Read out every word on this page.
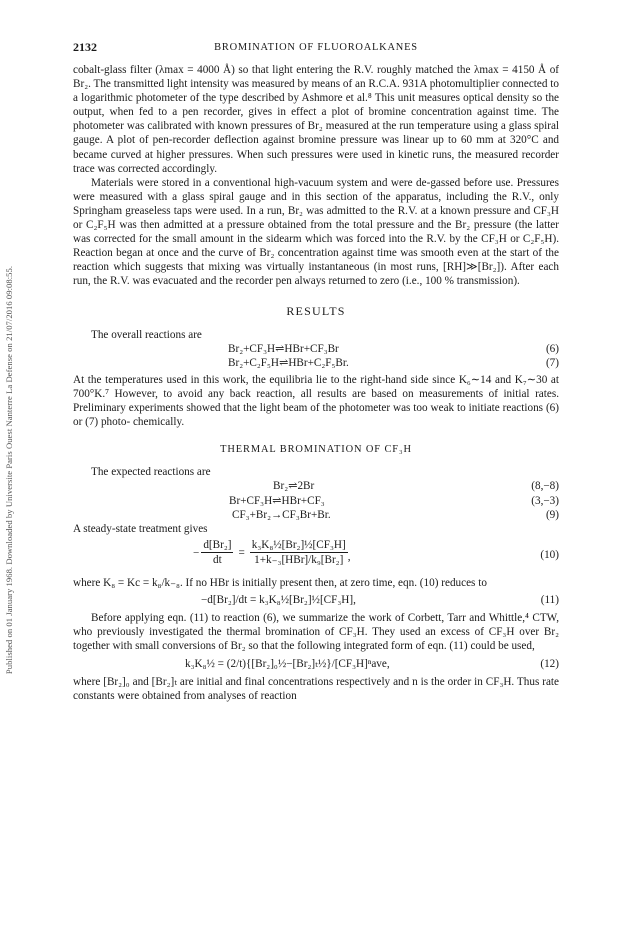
Published on 01 January 1968. Downloaded by Universite Paris Ouest Nanterre La Defense on 21/07/2016 09:08:55.
2132	BROMINATION OF FLUOROALKANES

cobalt-glass filter (λmax = 4000 Å) so that light entering the R.V. roughly matched the λmax = 4150 Å of Br₂. The transmitted light intensity was measured by means of an R.C.A. 931A photomultiplier connected to a logarithmic photometer of the type described by Ashmore et al.⁸ This unit measures optical density so the output, when fed to a pen recorder, gives in effect a plot of bromine concentration against time. The photometer was calibrated with known pressures of Br₂ measured at the run temperature using a glass spiral gauge. A plot of pen-recorder deflection against bromine pressure was linear up to 60 mm at 320°C and became curved at higher pressures. When such pressures were used in kinetic runs, the measured recorder trace was corrected accordingly.

Materials were stored in a conventional high-vacuum system and were de-gassed before use. Pressures were measured with a glass spiral gauge and in this section of the apparatus, including the R.V., only Springham greaseless taps were used. In a run, Br₂ was admitted to the R.V. at a known pressure and CF₃H or C₂F₅H was then admitted at a pressure obtained from the total pressure and the Br₂ pressure (the latter was corrected for the small amount in the sidearm which was forced into the R.V. by the CF₃H or C₂F₅H). Reaction began at once and the curve of Br₂ concentration against time was smooth even at the start of the reaction which suggests that mixing was virtually instantaneous (in most runs, [RH]≫[Br₂]). After each run, the R.V. was evacuated and the recorder pen always returned to zero (i.e., 100 % transmission).

RESULTS

The overall reactions are

Br₂+CF₃H⇌HBr+CF₃Br	(6)
Br₂+C₂F₅H⇌HBr+C₂F₅Br.	(7)

At the temperatures used in this work, the equilibria lie to the right-hand side since K₆∼14 and K₇∼30 at 700°K.⁷ However, to avoid any back reaction, all results are based on measurements of initial rates. Preliminary experiments showed that the light beam of the photometer was too weak to initiate reactions (6) or (7) photo- chemically.

THERMAL BROMINATION OF CF₃H

The expected reactions are

Br₂⇌2Br	(8,−8)
Br+CF₃H⇌HBr+CF₃	(3,−3)
CF₃+Br₂→CF₃Br+Br.	(9)

A steady-state treatment gives

− $\frac{\text{d[Br₂]}}{dt} = \frac{\text{k₃K₈½[Br₂]½[CF₃H]}}{\text{1+k₋₃[HBr]/k₉[Br₂]}}$ ,	(10)

where K₈ = Kc = k₈/k₋₈. If no HBr is initially present then, at zero time, eqn. (10) reduces to

−d[Br₂]/dt = k₃K₈½[Br₂]½[CF₃H],	(11)

Before applying eqn. (11) to reaction (6), we summarize the work of Corbett, Tarr and Whittle,⁴ CTW, who previously investigated the thermal bromination of CF₃H. They used an excess of CF₃H over Br₂ together with small conversions of Br₂ so that the following integrated form of eqn. (11) could be used,

k₃K₈½ = (2/t){[Br₂]₀½−[Br₂]ₜ½}/[CF₃H]ⁿave,	(12)

where [Br₂]₀ and [Br₂]ₜ are initial and final concentrations respectively and n is the order in CF₃H. Thus rate constants were obtained from analyses of reaction
